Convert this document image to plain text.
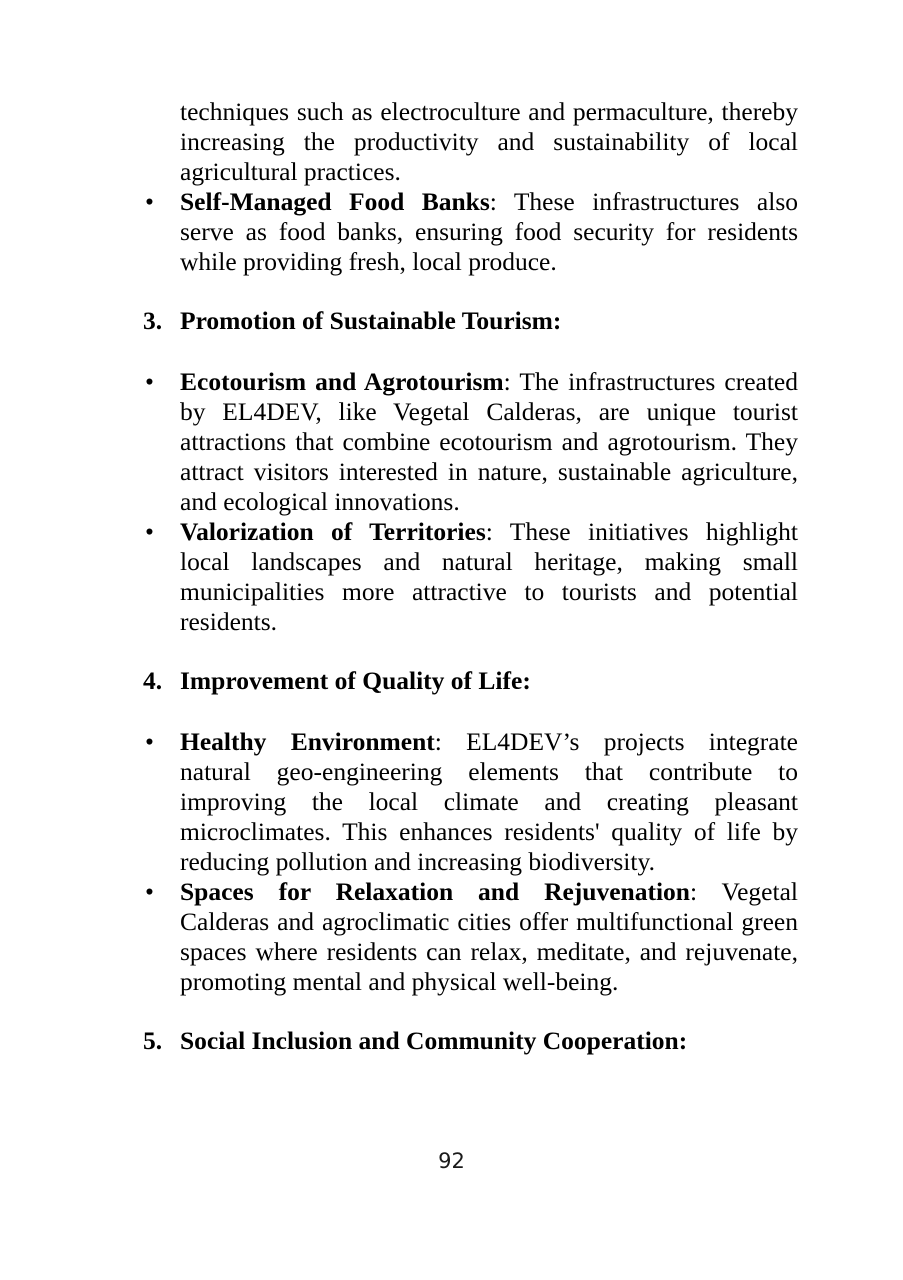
techniques such as electroculture and permaculture, thereby increasing the productivity and sustainability of local agricultural practices.
•	Self-Managed Food Banks: These infrastructures also serve as food banks, ensuring food security for residents while providing fresh, local produce.
3. Promotion of Sustainable Tourism:
•	Ecotourism and Agrotourism: The infrastructures created by EL4DEV, like Vegetal Calderas, are unique tourist attractions that combine ecotourism and agrotourism. They attract visitors interested in nature, sustainable agriculture, and ecological innovations.
•	Valorization of Territories: These initiatives highlight local landscapes and natural heritage, making small municipalities more attractive to tourists and potential residents.
4. Improvement of Quality of Life:
•	Healthy Environment: EL4DEV’s projects integrate natural geo-engineering elements that contribute to improving the local climate and creating pleasant microclimates. This enhances residents' quality of life by reducing pollution and increasing biodiversity.
•	Spaces for Relaxation and Rejuvenation: Vegetal Calderas and agroclimatic cities offer multifunctional green spaces where residents can relax, meditate, and rejuvenate, promoting mental and physical well-being.
5. Social Inclusion and Community Cooperation:
92
